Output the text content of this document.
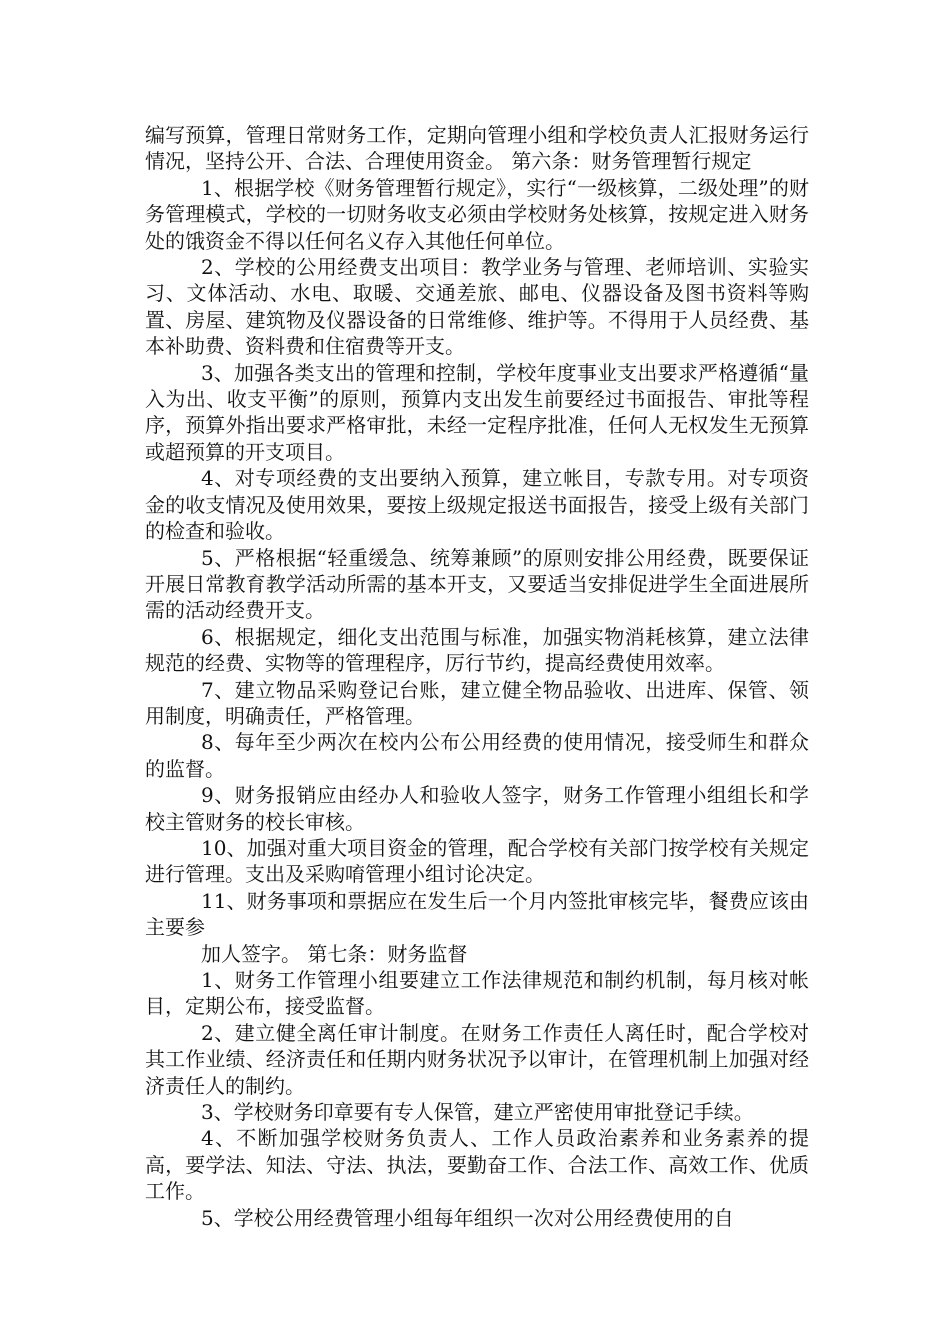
编写预算，管理日常财务工作，定期向管理小组和学校负责人汇报财务运行情况，坚持公开、合法、合理使用资金。 第六条：财务管理暂行规定

1、根据学校《财务管理暂行规定》，实行“一级核算，二级处理”的财务管理模式，学校的一切财务收支必须由学校财务处核算，按规定进入财务处的饿资金不得以任何名义存入其他任何单位。

2、学校的公用经费支出项目：教学业务与管理、老师培训、实验实习、文体活动、水电、取暖、交通差旅、邮电、仪器设备及图书资料等购置、房屋、建筑物及仪器设备的日常维修、维护等。不得用于人员经费、基本补助费、资料费和住宿费等开支。

3、加强各类支出的管理和控制，学校年度事业支出要求严格遵循“量入为出、收支平衡”的原则，预算内支出发生前要经过书面报告、审批等程序，预算外指出要求严格审批，未经一定程序批准，任何人无权发生无预算或超预算的开支项目。

4、对专项经费的支出要纳入预算，建立帐目，专款专用。对专项资金的收支情况及使用效果，要按上级规定报送书面报告，接受上级有关部门的检查和验收。

5、严格根据“轻重缓急、统筹兼顾”的原则安排公用经费，既要保证开展日常教育教学活动所需的基本开支，又要适当安排促进学生全面进展所需的活动经费开支。

6、根据规定，细化支出范围与标准，加强实物消耗核算，建立法律规范的经费、实物等的管理程序，厉行节约，提高经费使用效率。

7、建立物品采购登记台账，建立健全物品验收、出进库、保管、领用制度，明确责任，严格管理。

8、每年至少两次在校内公布公用经费的使用情况，接受师生和群众的监督。

9、财务报销应由经办人和验收人签字，财务工作管理小组组长和学校主管财务的校长审核。

10、加强对重大项目资金的管理，配合学校有关部门按学校有关规定进行管理。支出及采购唷管理小组讨论决定。

11、财务事项和票据应在发生后一个月内签批审核完毕，餐费应该由主要参

加人签字。 第七条：财务监督

1、财务工作管理小组要建立工作法律规范和制约机制，每月核对帐目，定期公布，接受监督。

2、建立健全离任审计制度。在财务工作责任人离任时，配合学校对其工作业绩、经济责任和任期内财务状况予以审计，在管理机制上加强对经济责任人的制约。

3、学校财务印章要有专人保管，建立严密使用审批登记手续。

4、不断加强学校财务负责人、工作人员政治素养和业务素养的提高，要学法、知法、守法、执法，要勤奋工作、合法工作、高效工作、优质工作。

5、学校公用经费管理小组每年组织一次对公用经费使用的自
